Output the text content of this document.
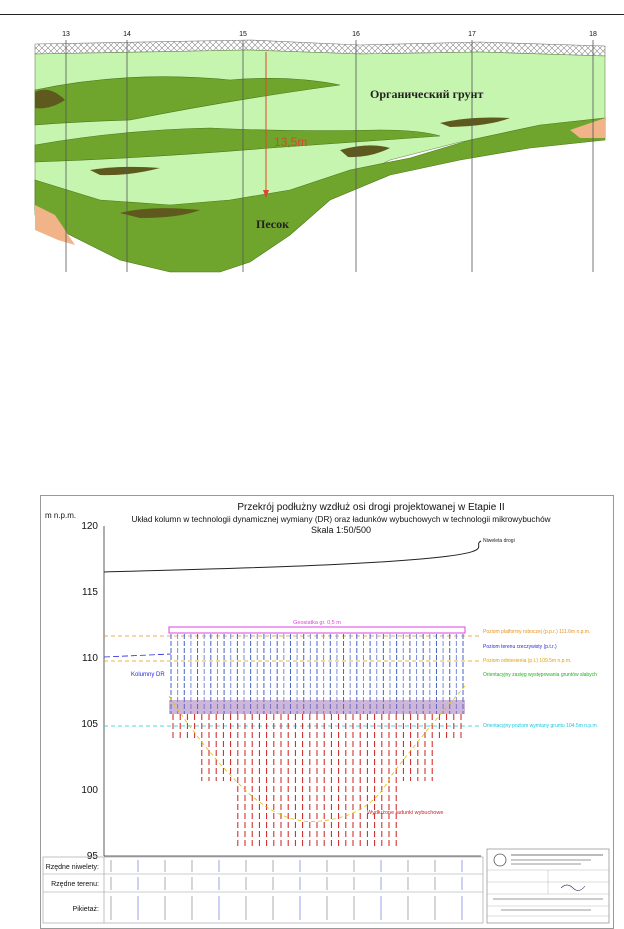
13	14	15	16	17	18
13,5m
Органический грунт
Песок
Przekrój podłużny wzdłuż osi drogi projektowanej w Etapie II
Układ kolumn w technologii dynamicznej wymiany (DR) oraz ładunków wybuchowych w technologii mikrowybuchów
Skala 1:50/500
m n.p.m.
120
115
110
105
100
95
Geosiatka gr. 0,5 m
Kolumny DR
Wydłużone ładunki wybuchowe
Niweleta drogi
Poziom platformy roboczej (p.p.r.) 111.6m n.p.m.
Poziom terenu rzeczywisty (p.t.r.)
Poziom odniesienia (p.t.) 109.5m n.p.m.
Orientacyjny zasięg występowania gruntów słabych
Orientacyjny poziom wymiany gruntu 104.5m n.p.m.
Rzędne niwelety:
Rzędne terenu:
Pikietaż:
